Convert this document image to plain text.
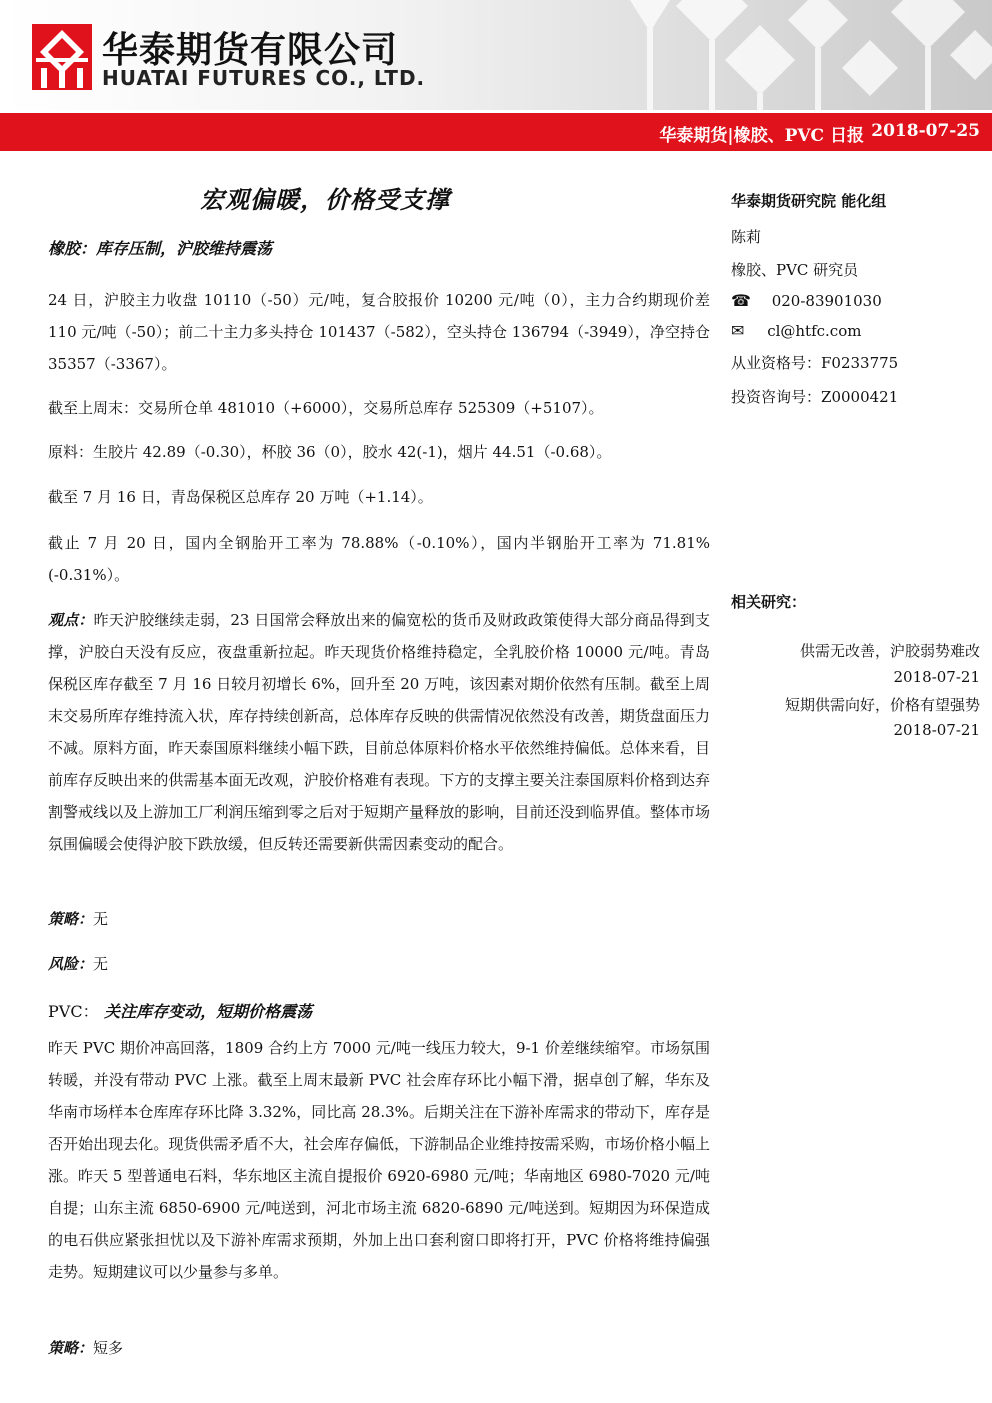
华泰期货有限公司
HUATAI FUTURES CO., LTD.
华泰期货|橡胶、PVC 日报 2018-07-25
宏观偏暖，价格受支撑
橡胶：库存压制，沪胶维持震荡
24 日，沪胶主力收盘 10110（-50）元/吨，复合胶报价 10200 元/吨（0），主力合约期现价差 110 元/吨（-50）；前二十主力多头持仓 101437（-582），空头持仓 136794（-3949），净空持仓 35357（-3367）。
截至上周末：交易所仓单 481010（+6000），交易所总库存 525309（+5107）。
原料：生胶片 42.89（-0.30），杯胶 36（0），胶水 42(-1)，烟片 44.51（-0.68）。
截至 7 月 16 日，青岛保税区总库存 20 万吨（+1.14）。
截止 7 月 20 日，国内全钢胎开工率为 78.88%（-0.10%），国内半钢胎开工率为 71.81%(-0.31%）。
观点：昨天沪胶继续走弱，23 日国常会释放出来的偏宽松的货币及财政政策使得大部分商品得到支撑，沪胶白天没有反应，夜盘重新拉起。昨天现货价格维持稳定，全乳胶价格 10000 元/吨。青岛保税区库存截至 7 月 16 日较月初增长 6%，回升至 20 万吨，该因素对期价依然有压制。截至上周末交易所库存维持流入状，库存持续创新高，总体库存反映的供需情况依然没有改善，期货盘面压力不减。原料方面，昨天泰国原料继续小幅下跌，目前总体原料价格水平依然维持偏低。总体来看，目前库存反映出来的供需基本面无改观，沪胶价格难有表现。下方的支撑主要关注泰国原料价格到达弃割警戒线以及上游加工厂利润压缩到零之后对于短期产量释放的影响，目前还没到临界值。整体市场氛围偏暖会使得沪胶下跌放缓，但反转还需要新供需因素变动的配合。
策略：无
风险：无
PVC： 关注库存变动，短期价格震荡
昨天 PVC 期价冲高回落，1809 合约上方 7000 元/吨一线压力较大，9-1 价差继续缩窄。市场氛围转暖，并没有带动 PVC 上涨。截至上周末最新 PVC 社会库存环比小幅下滑，据卓创了解，华东及华南市场样本仓库库存环比降 3.32%，同比高 28.3%。后期关注在下游补库需求的带动下，库存是否开始出现去化。现货供需矛盾不大，社会库存偏低，下游制品企业维持按需采购，市场价格小幅上涨。昨天 5 型普通电石料，华东地区主流自提报价 6920-6980 元/吨；华南地区 6980-7020 元/吨自提；山东主流 6850-6900 元/吨送到，河北市场主流 6820-6890 元/吨送到。短期因为环保造成的电石供应紧张担忧以及下游补库需求预期，外加上出口套利窗口即将打开，PVC 价格将维持偏强走势。短期建议可以少量参与多单。
策略：短多
华泰期货研究院 能化组
陈莉
橡胶、PVC 研究员
☎ 020-83901030
✉ cl@htfc.com
从业资格号：F0233775
投资咨询号：Z0000421
相关研究：
供需无改善，沪胶弱势难改
2018-07-21
短期供需向好，价格有望强势
2018-07-21
